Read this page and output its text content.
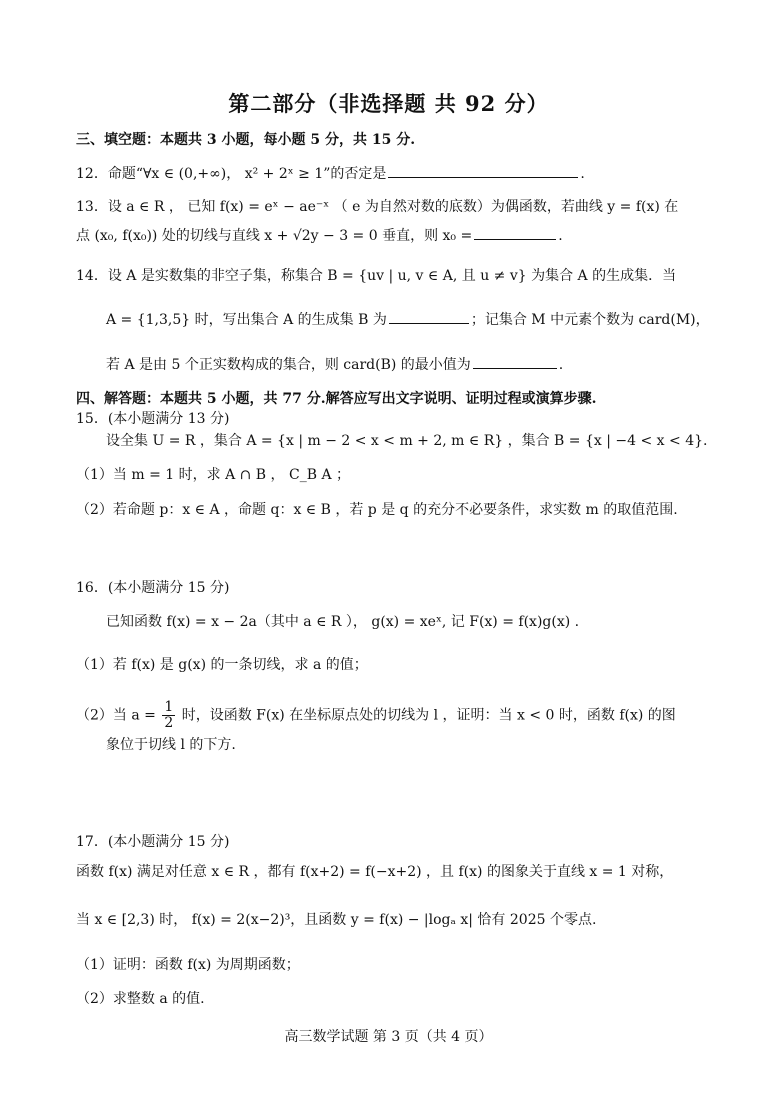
第二部分（非选择题 共 92 分）
三、填空题：本题共 3 小题，每小题 5 分，共 15 分.
12．命题“∀x ∈ (0,+∞)， x² + 2ˣ ≥ 1”的否定是	.
13．设 a ∈ R ， 已知 f(x) = eˣ − ae⁻ˣ （ e 为自然对数的底数）为偶函数，若曲线 y = f(x) 在
点 (x₀, f(x₀)) 处的切线与直线 x + √2y − 3 = 0 垂直，则 x₀ =	.
14．设 A 是实数集的非空子集，称集合 B = {uv | u, v ∈ A, 且 u ≠ v} 为集合 A 的生成集．当
A = {1,3,5} 时，写出集合 A 的生成集 B 为	；记集合 M 中元素个数为 card(M)，
若 A 是由 5 个正实数构成的集合，则 card(B) 的最小值为	.
四、解答题：本题共 5 小题，共 77 分.解答应写出文字说明、证明过程或演算步骤.
15．(本小题满分 13 分)
设全集 U = R ，集合 A = {x | m − 2 < x < m + 2, m ∈ R} ，集合 B = {x | −4 < x < 4}.
（1）当 m = 1 时，求 A ∩ B ， C_B A ；
（2）若命题 p：x ∈ A ，命题 q：x ∈ B ，若 p 是 q 的充分不必要条件，求实数 m 的取值范围.
16．(本小题满分 15 分)
已知函数 f(x) = x − 2a（其中 a ∈ R ）， g(x) = xeˣ, 记 F(x) = f(x)g(x) .
（1）若 f(x) 是 g(x) 的一条切线，求 a 的值；
（2）当 $a = \frac{1}{2}$ 时，设函数 F(x) 在坐标原点处的切线为 l ，证明：当 x < 0 时，函数 f(x) 的图
象位于切线 l 的下方.
17．(本小题满分 15 分)
函数 f(x) 满足对任意 x ∈ R ，都有 f(x+2) = f(−x+2) ，且 f(x) 的图象关于直线 x = 1 对称，
当 x ∈ [2,3) 时， f(x) = 2(x−2)³，且函数 y = f(x) − |logₐ x| 恰有 2025 个零点.
（1）证明：函数 f(x) 为周期函数；
（2）求整数 a 的值.
高三数学试题 第 3 页（共 4 页）
